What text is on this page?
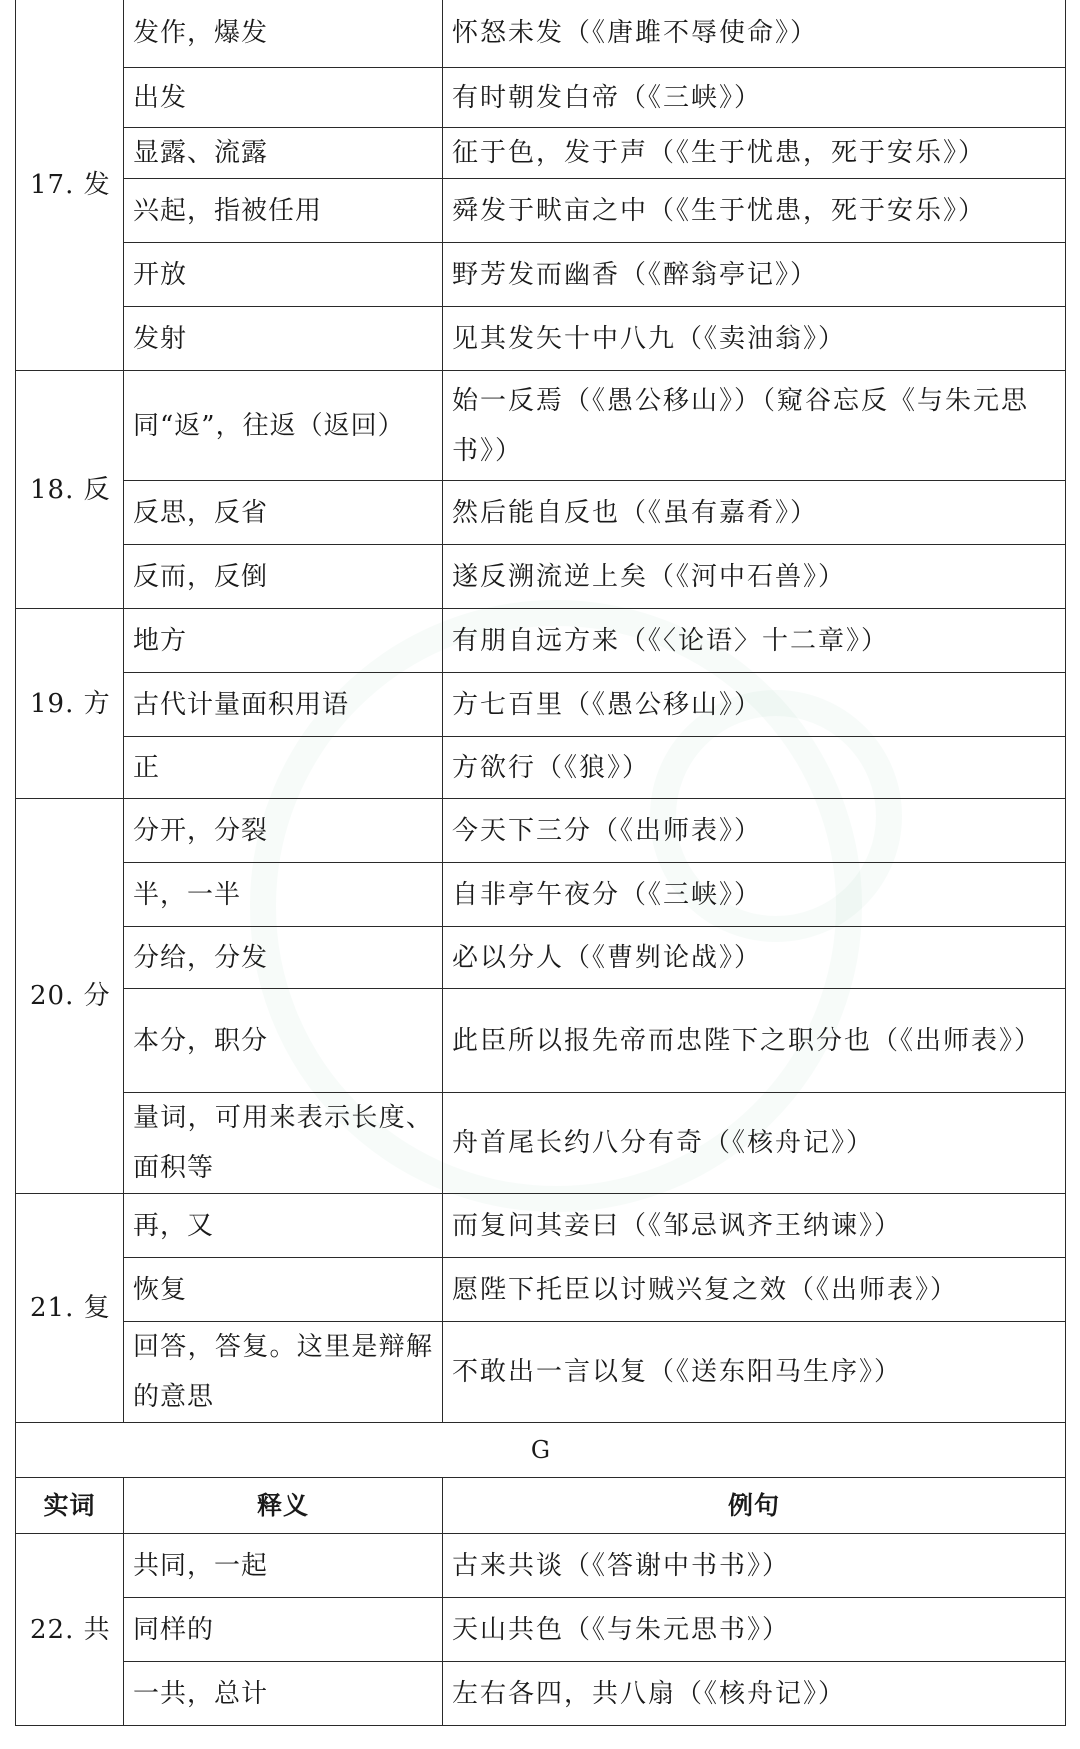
17. 发	发作，爆发	怀怒未发（《唐雎不辱使命》）
	出发	有时朝发白帝（《三峡》）
	显露、流露	征于色，发于声（《生于忧患，死于安乐》）
	兴起，指被任用	舜发于畎亩之中（《生于忧患，死于安乐》）
	开放	野芳发而幽香（《醉翁亭记》）
	发射	见其发矢十中八九（《卖油翁》）
18. 反	同“返”，往返（返回）	始一反焉（《愚公移山》）（窥谷忘反《与朱元思书》）
	反思，反省	然后能自反也（《虽有嘉肴》）
	反而，反倒	遂反溯流逆上矣（《河中石兽》）
19. 方	地方	有朋自远方来（《〈论语〉十二章》）
	古代计量面积用语	方七百里（《愚公移山》）
	正	方欲行（《狼》）
20. 分	分开，分裂	今天下三分（《出师表》）
	半，一半	自非亭午夜分（《三峡》）
	分给，分发	必以分人（《曹刿论战》）
	本分，职分	此臣所以报先帝而忠陛下之职分也（《出师表》）
	量词，可用来表示长度、面积等	舟首尾长约八分有奇（《核舟记》）
21. 复	再，又	而复问其妾曰（《邹忌讽齐王纳谏》）
	恢复	愿陛下托臣以讨贼兴复之效（《出师表》）
	回答，答复。这里是辩解的意思	不敢出一言以复（《送东阳马生序》）
G		
实词	释义	例句
22. 共	共同，一起	古来共谈（《答谢中书书》）
	同样的	天山共色（《与朱元思书》）
	一共，总计	左右各四，共八扇（《核舟记》）
